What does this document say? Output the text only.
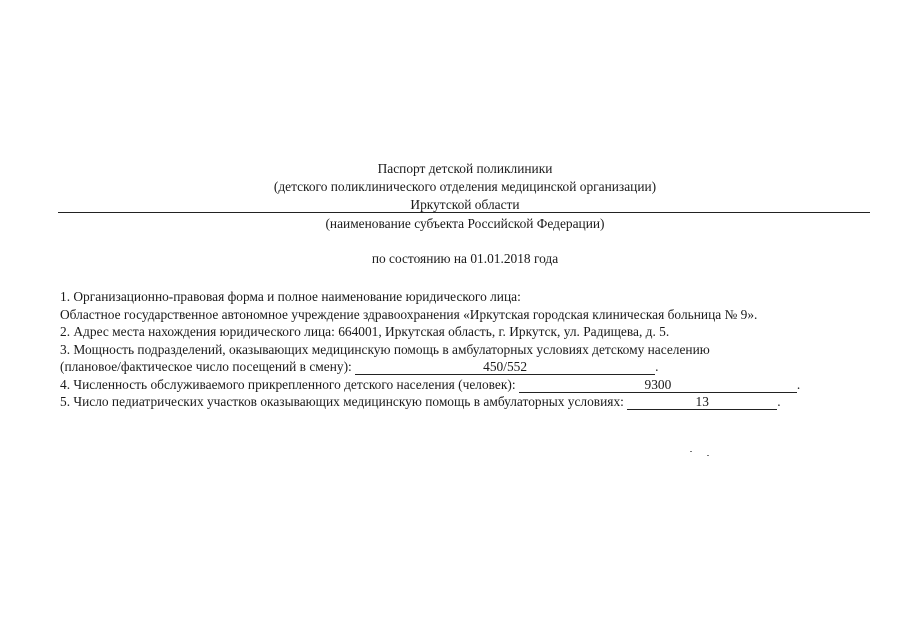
Паспорт детской поликлиники
(детского поликлинического отделения медицинской организации)
Иркутской области
(наименование субъекта Российской Федерации)
по состоянию на 01.01.2018 года
1. Организационно-правовая форма и полное наименование юридического лица:
Областное государственное автономное учреждение здравоохранения «Иркутская городская клиническая больница № 9».
2. Адрес места нахождения юридического лица: 664001, Иркутская область, г. Иркутск, ул. Радищева, д. 5.
3. Мощность подразделений, оказывающих медицинскую помощь в амбулаторных условиях детскому населению
(плановое/фактическое число посещений в смену):	450/552	.
4. Численность обслуживаемого прикрепленного детского населения (человек):	9300	.
5. Число педиатрических участков оказывающих медицинскую помощь в амбулаторных условиях:	13	.
